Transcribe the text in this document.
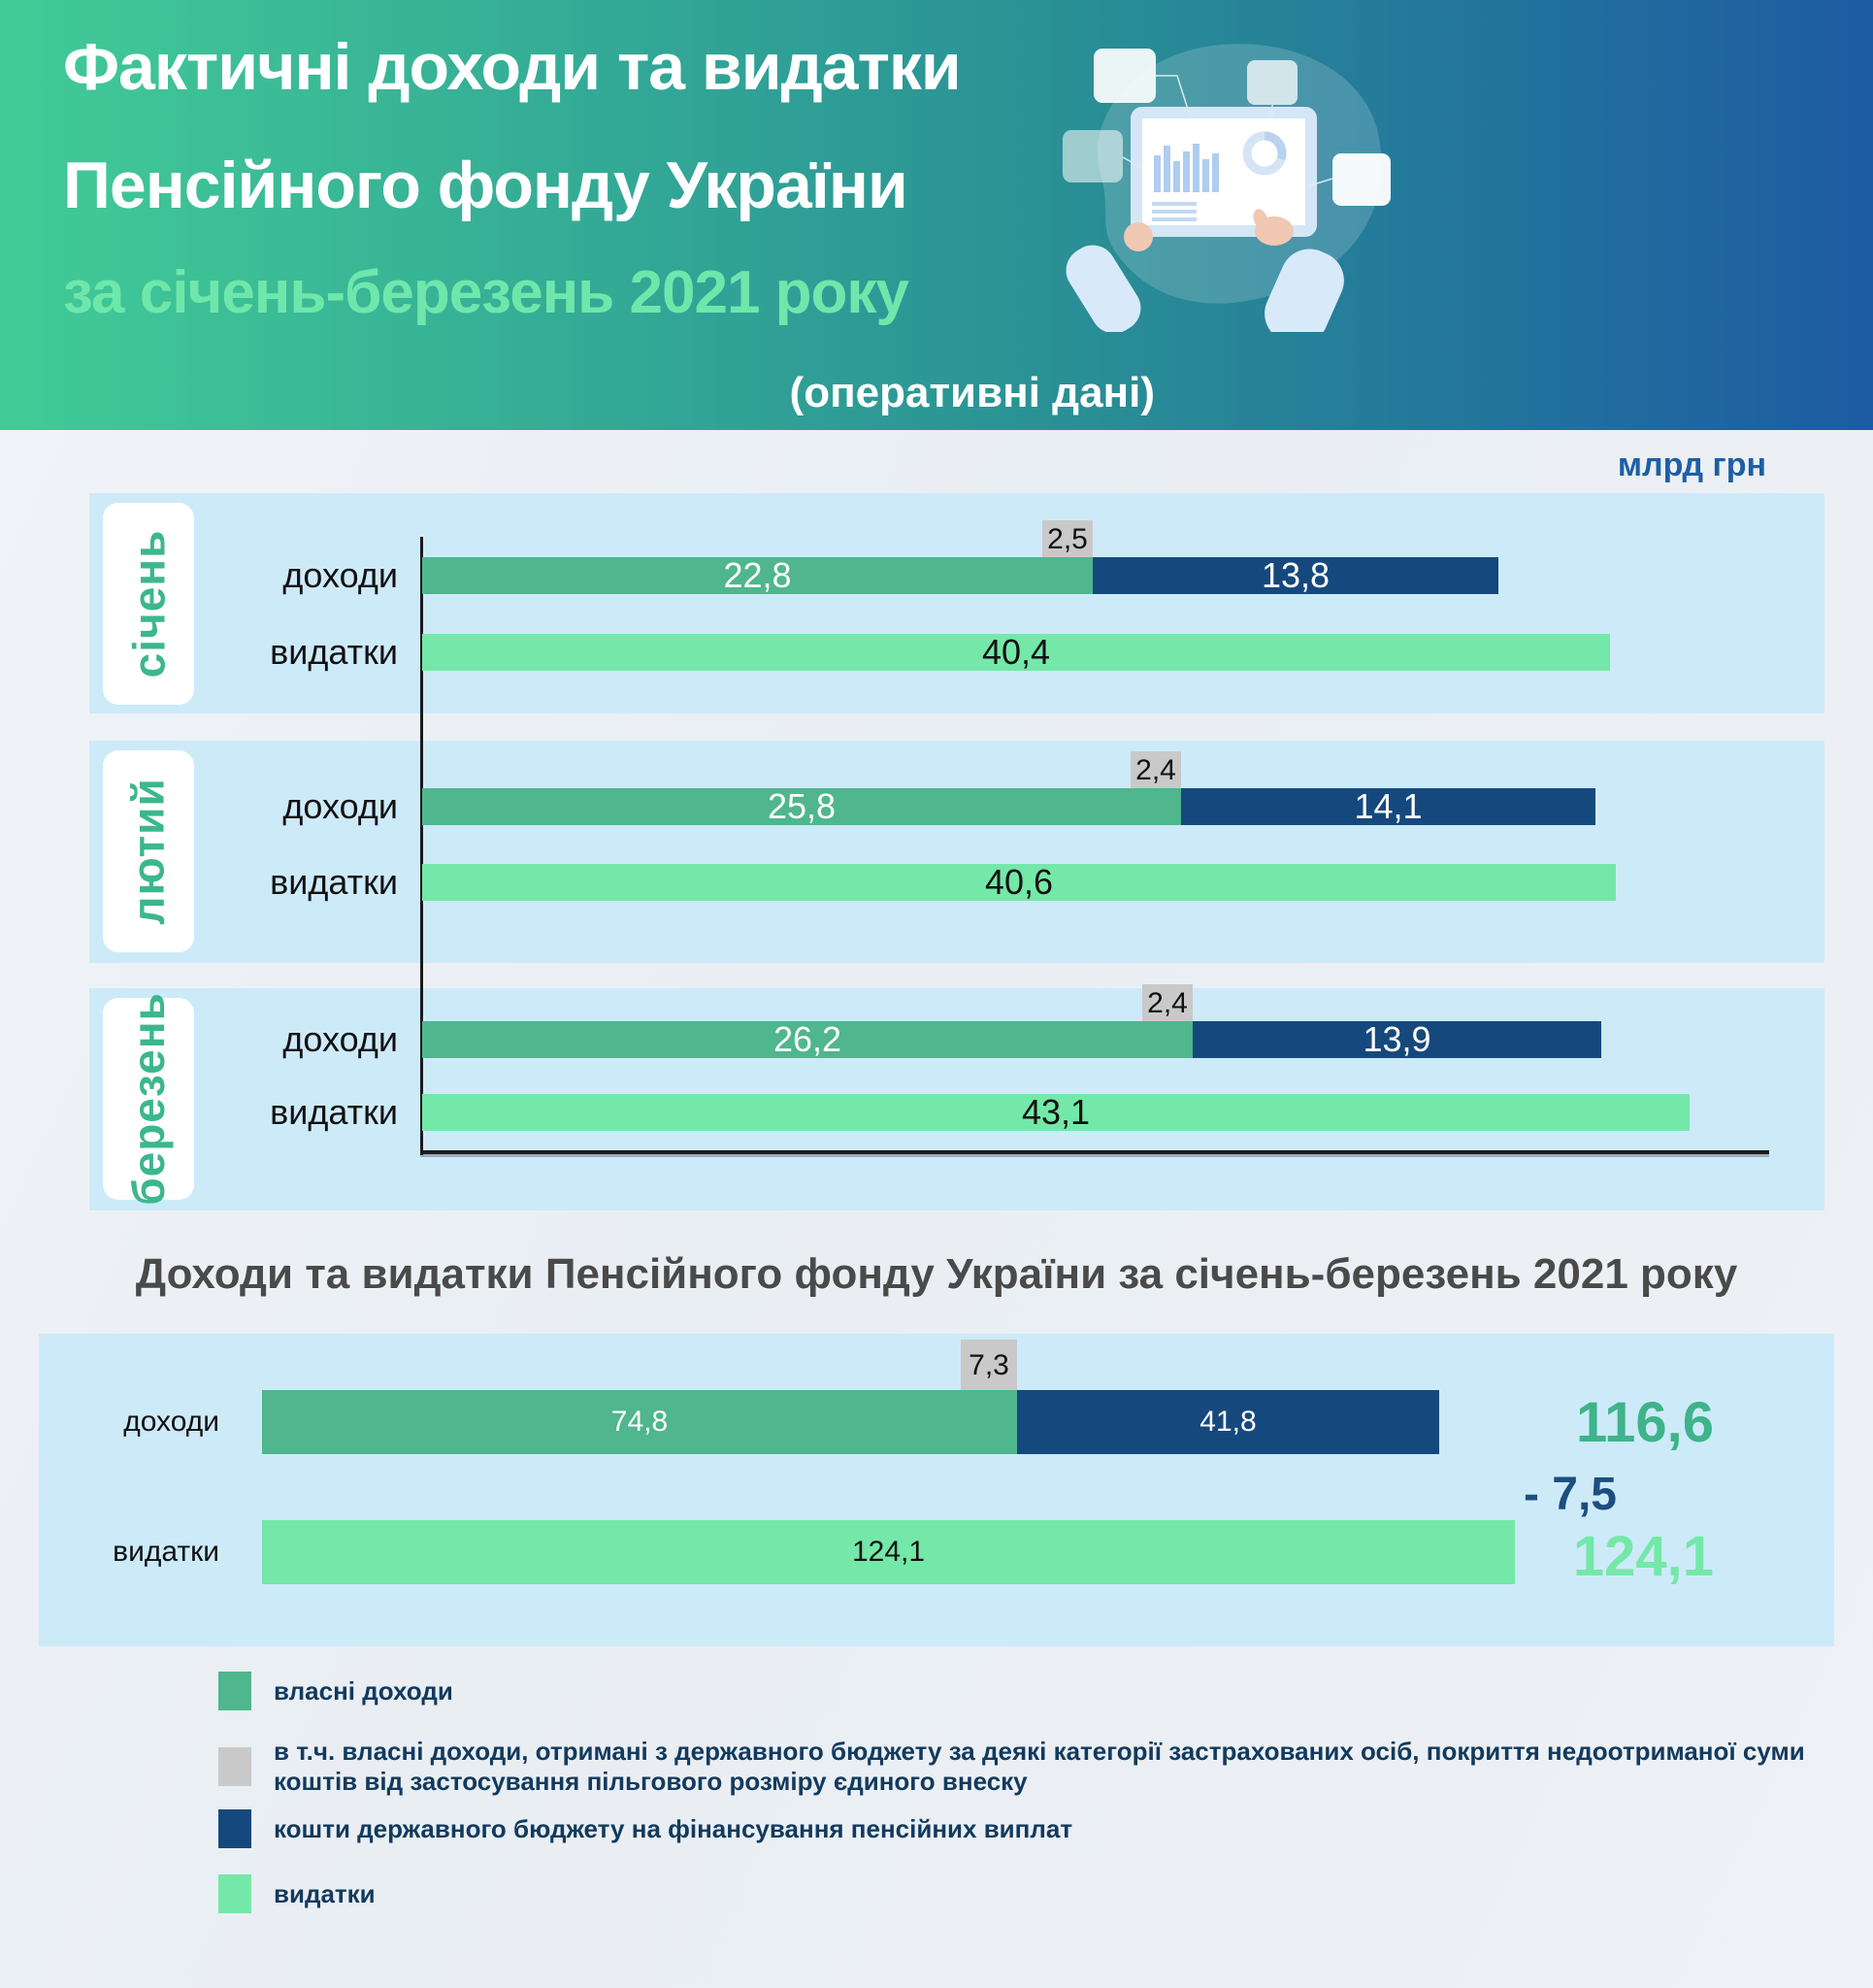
Фактичні доходи та видатки
Пенсійного фонду України
за січень-березень 2021 року
(оперативні дані)
млрд грн
січень
лютий
березень
доходи
видатки
доходи
видатки
доходи
видатки
22,8
2,5
13,8
40,4
25,8
2,4
14,1
40,6
26,2
2,4
13,9
43,1
Доходи та видатки Пенсійного фонду України за січень-березень 2021 року
доходи
видатки
74,8
7,3
41,8
124,1
116,6
- 7,5
124,1
власні доходи
в т.ч. власні доходи, отримані з державного бюджету за деякі категорії застрахованих осіб, покриття недоотриманої суми коштів від застосування пільгового розміру єдиного внеску
кошти державного бюджету на фінансування пенсійних виплат
видатки
